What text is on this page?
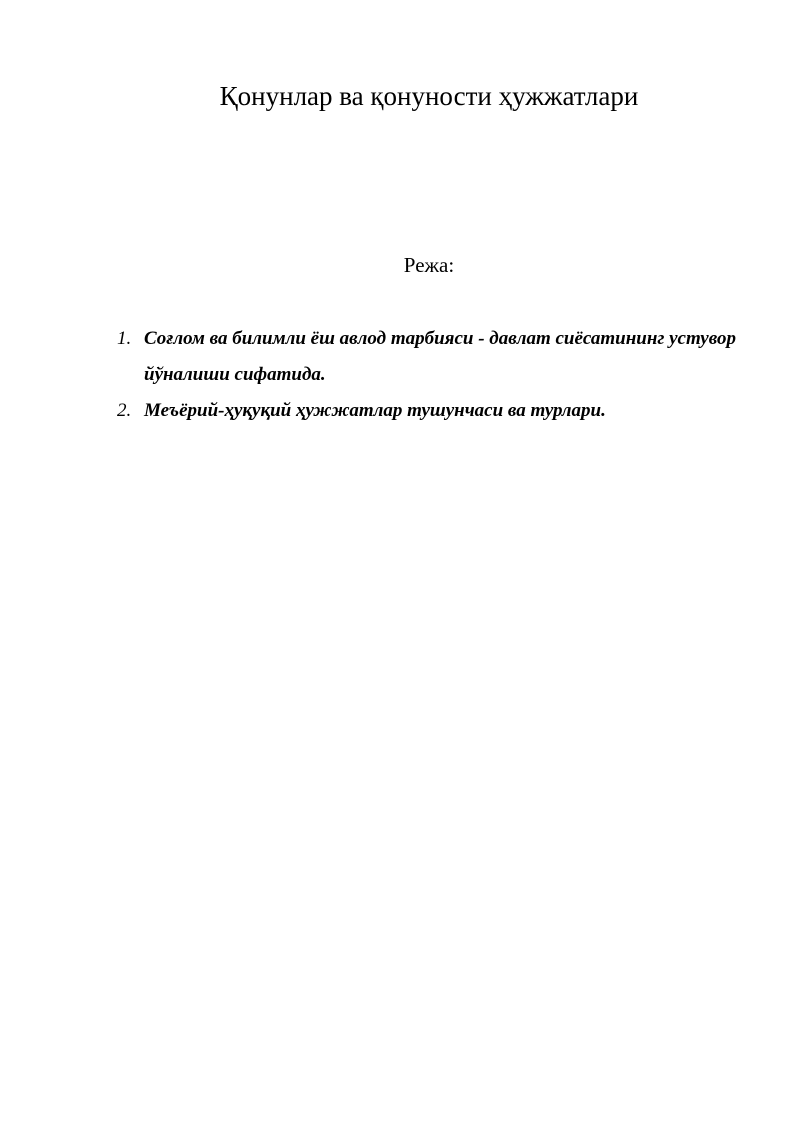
Қонунлар ва қонуности ҳужжатлари
Режа:
1. Соғлом ва билимли ёш авлод тарбияси - давлат сиёсатининг устувор йўналиши сифатида.
2. Меъёрий-ҳуқуқий ҳужжатлар тушунчаси ва турлари.
